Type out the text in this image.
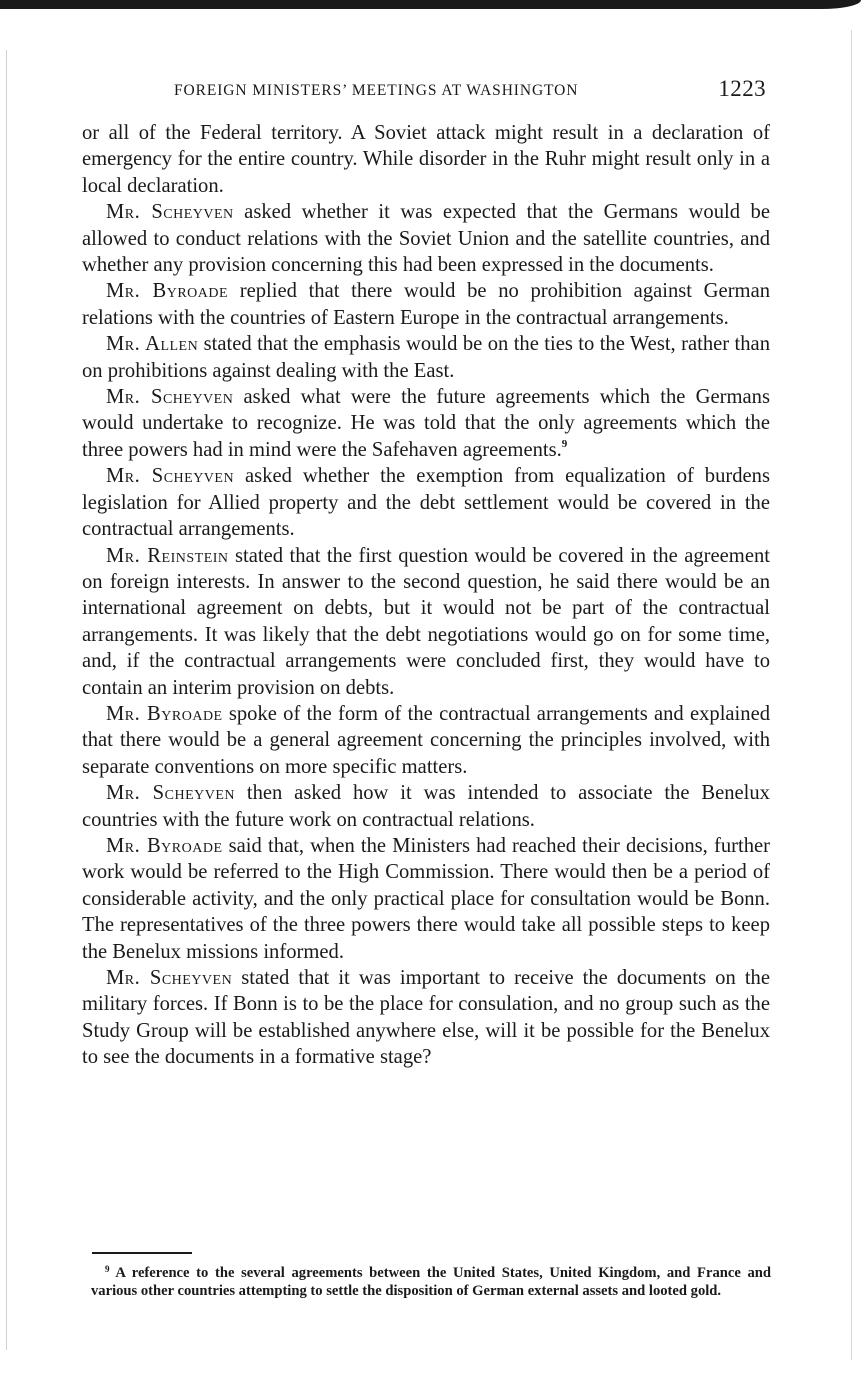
FOREIGN MINISTERS’ MEETINGS AT WASHINGTON	1223

or all of the Federal territory. A Soviet attack might result in a declaration of emergency for the entire country. While disorder in the Ruhr might result only in a local declaration.

Mr. Scheyven asked whether it was expected that the Germans would be allowed to conduct relations with the Soviet Union and the satellite countries, and whether any provision concerning this had been expressed in the documents.

Mr. Byroade replied that there would be no prohibition against German relations with the countries of Eastern Europe in the contractual arrangements.

Mr. Allen stated that the emphasis would be on the ties to the West, rather than on prohibitions against dealing with the East.

Mr. Scheyven asked what were the future agreements which the Germans would undertake to recognize. He was told that the only agreements which the three powers had in mind were the Safehaven agreements.$^9$

Mr. Scheyven asked whether the exemption from equalization of burdens legislation for Allied property and the debt settlement would be covered in the contractual arrangements.

Mr. Reinstein stated that the first question would be covered in the agreement on foreign interests. In answer to the second question, he said there would be an international agreement on debts, but it would not be part of the contractual arrangements. It was likely that the debt negotiations would go on for some time, and, if the contractual arrangements were concluded first, they would have to contain an interim provision on debts.

Mr. Byroade spoke of the form of the contractual arrangements and explained that there would be a general agreement concerning the principles involved, with separate conventions on more specific matters.

Mr. Scheyven then asked how it was intended to associate the Benelux countries with the future work on contractual relations.

Mr. Byroade said that, when the Ministers had reached their decisions, further work would be referred to the High Commission. There would then be a period of considerable activity, and the only practical place for consultation would be Bonn. The representatives of the three powers there would take all possible steps to keep the Benelux missions informed.

Mr. Scheyven stated that it was important to receive the documents on the military forces. If Bonn is to be the place for consulation, and no group such as the Study Group will be established anywhere else, will it be possible for the Benelux to see the documents in a formative stage?

$^9$ A reference to the several agreements between the United States, United Kingdom, and France and various other countries attempting to settle the disposition of German external assets and looted gold.
